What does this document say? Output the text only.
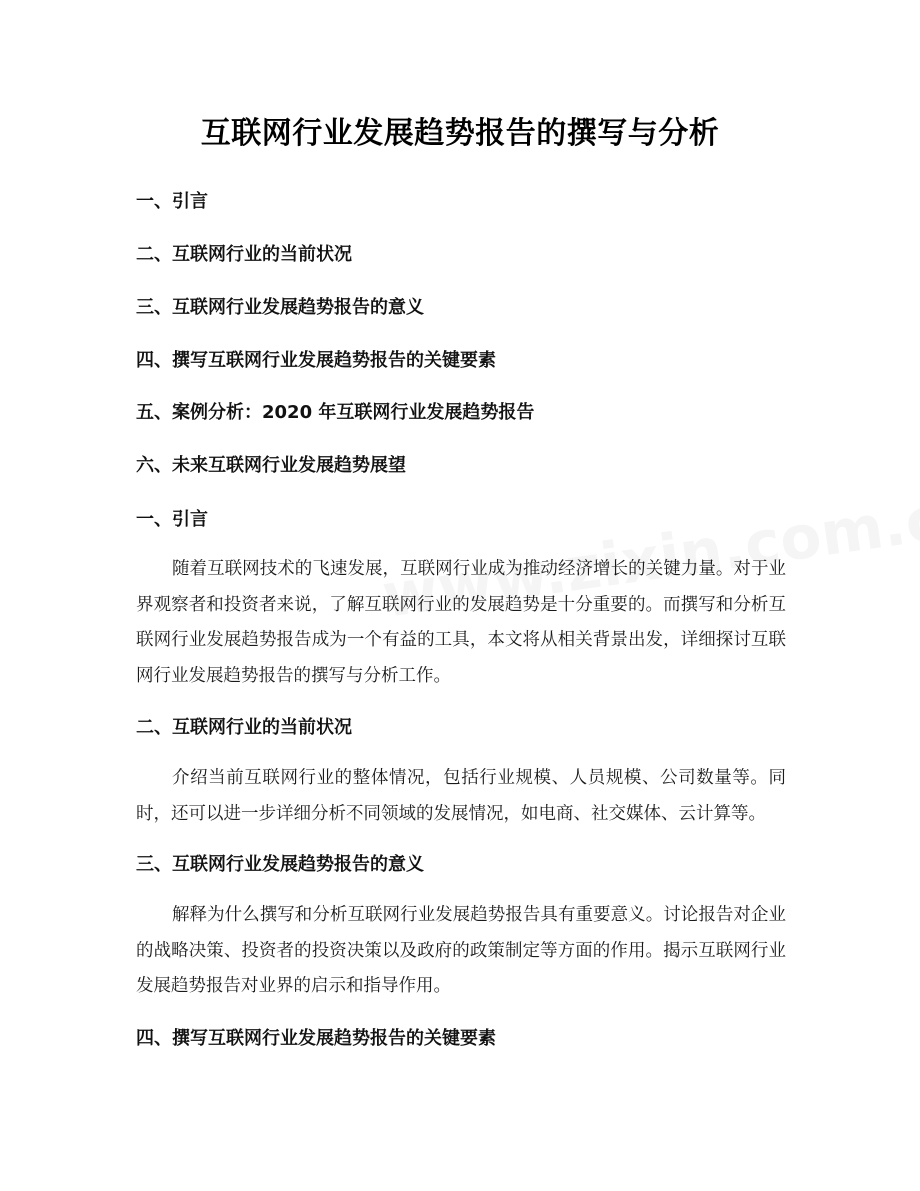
互联网行业发展趋势报告的撰写与分析
一、引言
二、互联网行业的当前状况
三、互联网行业发展趋势报告的意义
四、撰写互联网行业发展趋势报告的关键要素
五、案例分析：2020 年互联网行业发展趋势报告
六、未来互联网行业发展趋势展望
一、引言

随着互联网技术的飞速发展，互联网行业成为推动经济增长的关键力量。对于业界观察者和投资者来说，了解互联网行业的发展趋势是十分重要的。而撰写和分析互联网行业发展趋势报告成为一个有益的工具，本文将从相关背景出发，详细探讨互联网行业发展趋势报告的撰写与分析工作。

二、互联网行业的当前状况

介绍当前互联网行业的整体情况，包括行业规模、人员规模、公司数量等。同时，还可以进一步详细分析不同领域的发展情况，如电商、社交媒体、云计算等。

三、互联网行业发展趋势报告的意义

解释为什么撰写和分析互联网行业发展趋势报告具有重要意义。讨论报告对企业的战略决策、投资者的投资决策以及政府的政策制定等方面的作用。揭示互联网行业发展趋势报告对业界的启示和指导作用。

四、撰写互联网行业发展趋势报告的关键要素
